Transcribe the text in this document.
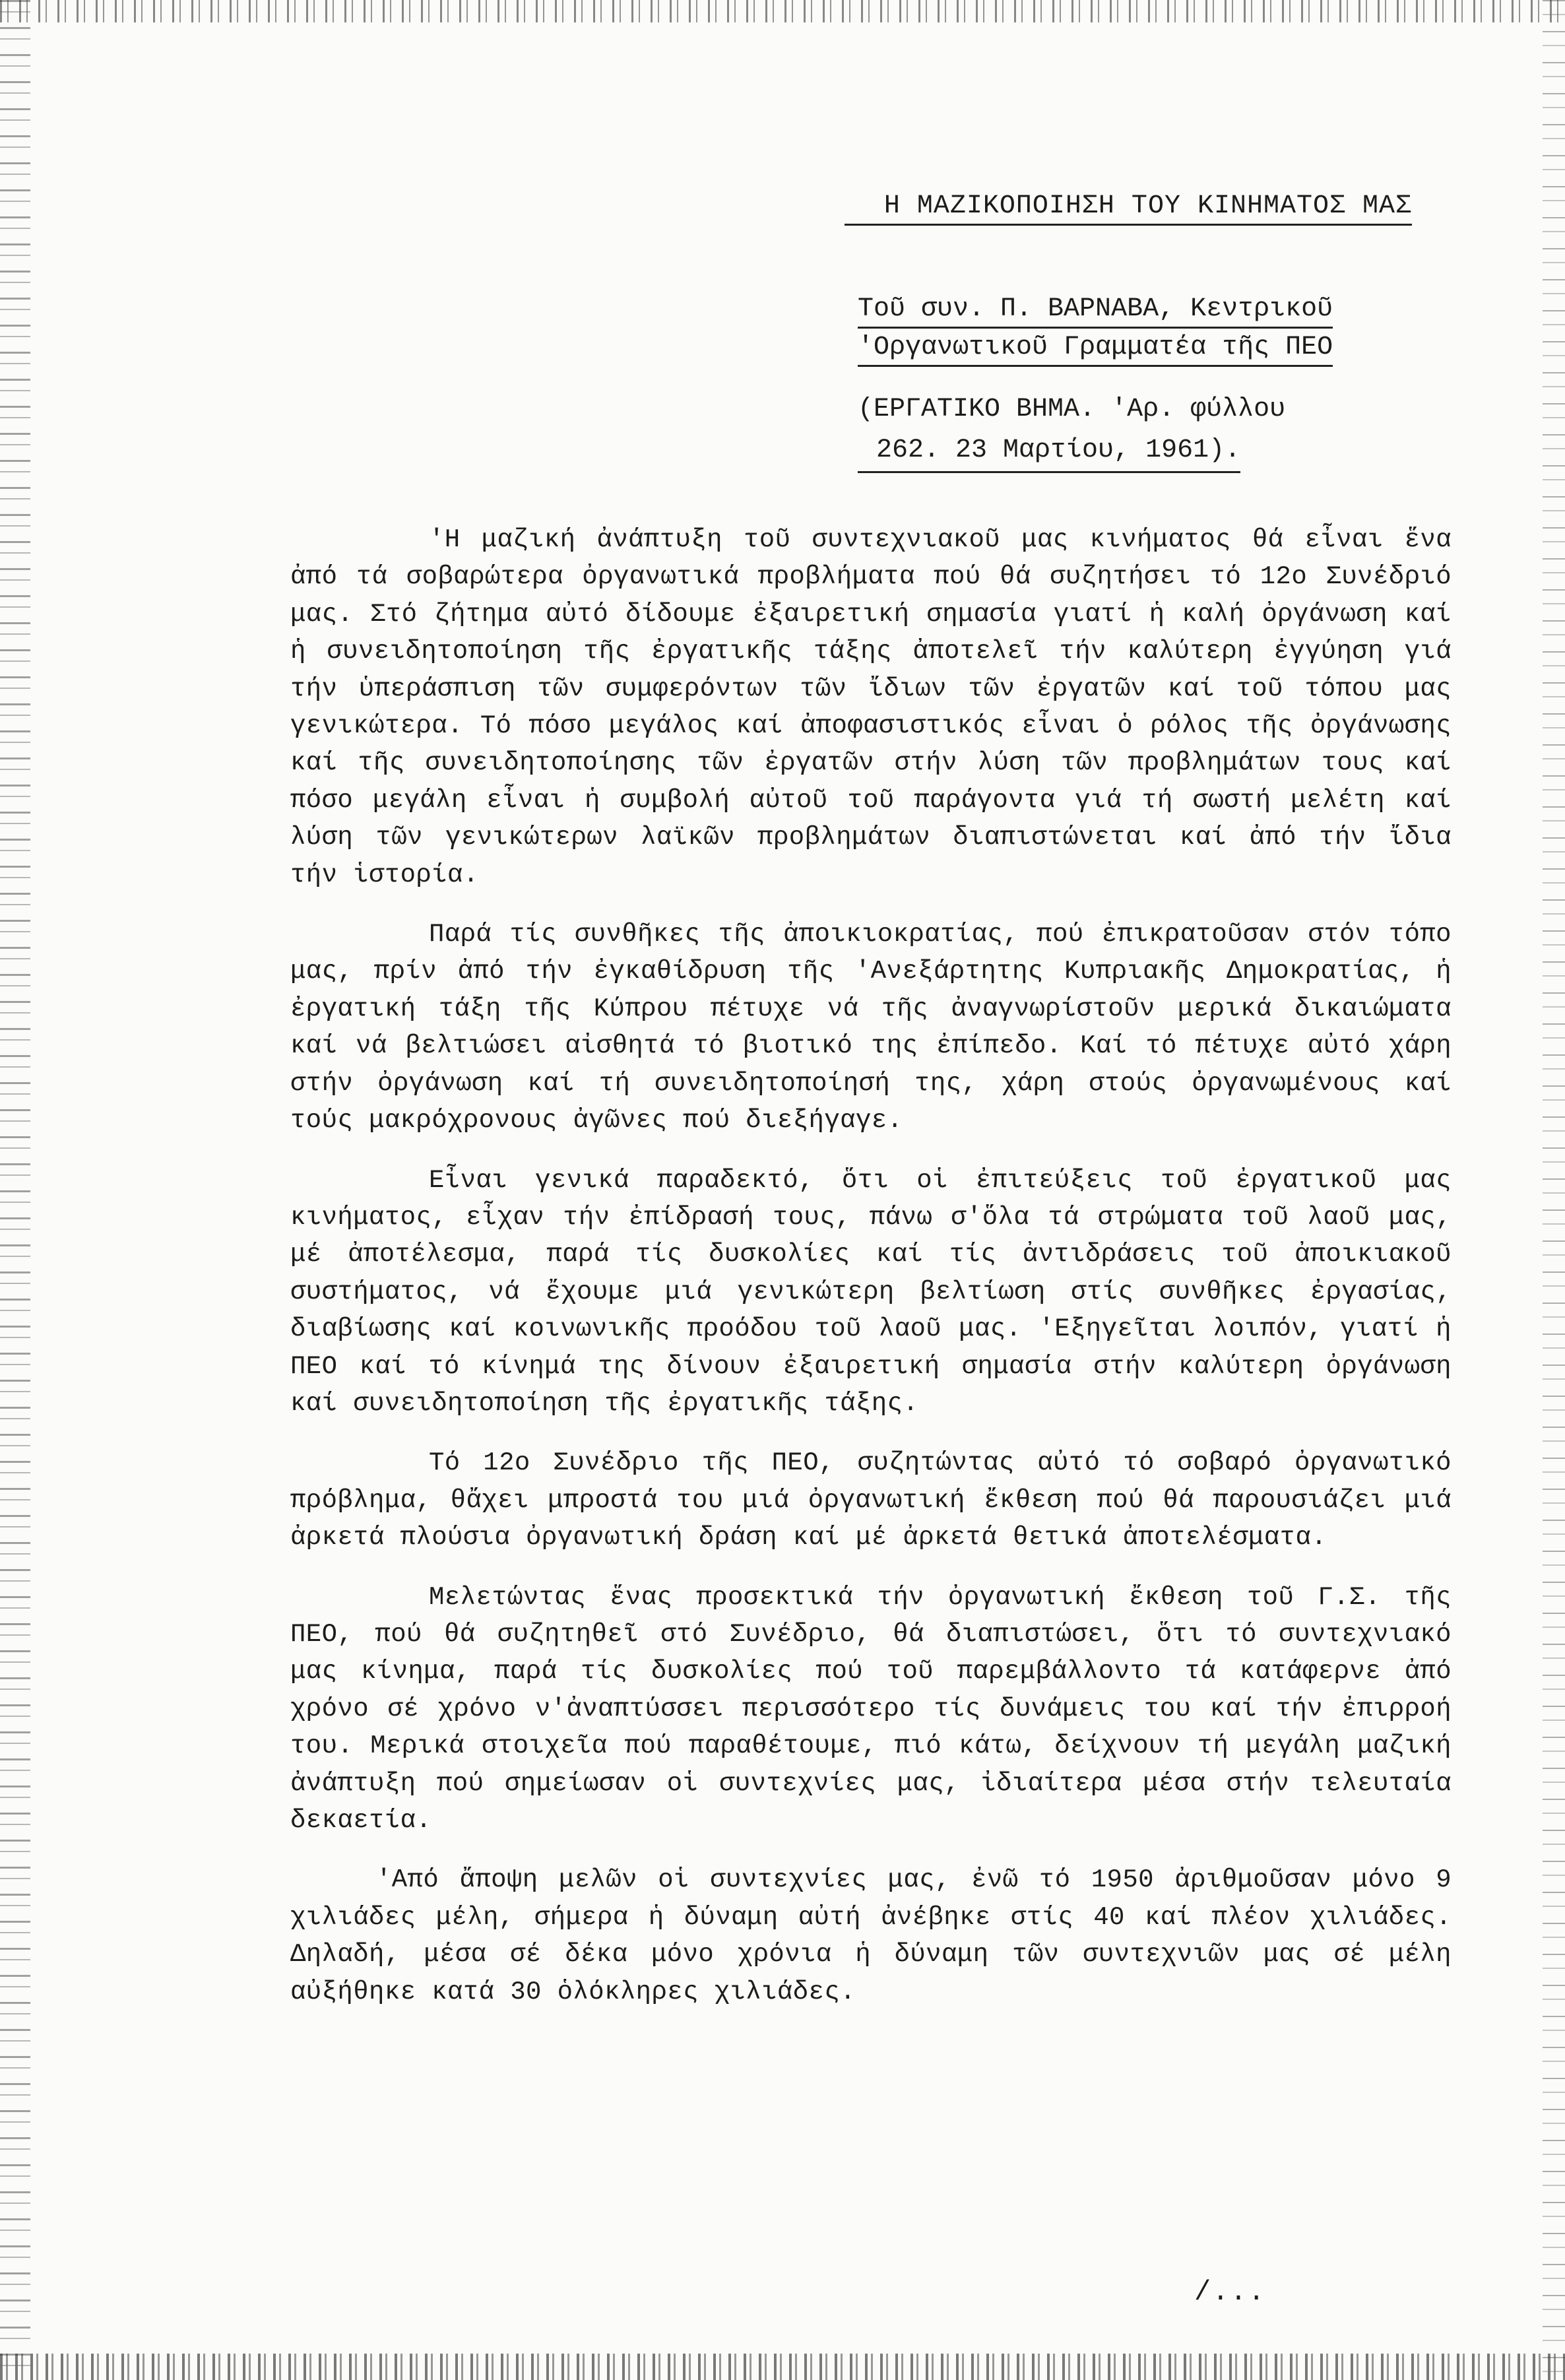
Η ΜΑΖΙΚΟΠΟΙΗΣΗ ΤΟΥ ΚΙΝΗΜΑΤΟΣ ΜΑΣ
Τοῦ συν. Π. ΒΑΡΝΑΒΑ, Κεντρικοῦ
'Οργανωτικοῦ Γραμματέα τῆς ΠΕΟ
(ΕΡΓΑΤΙΚΟ ΒΗΜΑ. 'Αρ. φύλλου
262. 23 Μαρτίου, 1961).

'Η μαζική ἀνάπτυξη τοῦ συντεχνιακοῦ μας κινήματος θά εἶναι ἕνα ἀπό τά σοβαρώτερα ὀργανωτικά προβλήματα πού θά συζητήσει τό 12ο Συνέδριό μας. Στό ζήτημα αὐτό δίδουμε ἐξαιρετική σημασία γιατί ἡ καλή ὀργάνωση καί ἡ συνειδητοποίηση τῆς ἐργατικῆς τάξης ἀποτελεῖ τήν καλύτερη ἐγγύηση γιά τήν ὑπεράσπιση τῶν συμφερόντων τῶν ἴδιων τῶν ἐργατῶν καί τοῦ τόπου μας γενικώτερα. Τό πόσο μεγάλος καί ἀποφασιστικός εἶναι ὁ ρόλος τῆς ὀργάνωσης καί τῆς συνειδητοποίησης τῶν ἐργατῶν στήν λύση τῶν προβλημάτων τους καί πόσο μεγάλη εἶναι ἡ συμβολή αὐτοῦ τοῦ παράγοντα γιά τή σωστή μελέτη καί λύση τῶν γενικώτερων λαϊκῶν προβλημάτων διαπιστώνεται καί ἀπό τήν ἴδια τήν ἱστορία.

Παρά τίς συνθῆκες τῆς ἀποικιοκρατίας, πού ἐπικρατοῦσαν στόν τόπο μας, πρίν ἀπό τήν ἐγκαθίδρυση τῆς 'Ανεξάρτητης Κυπριακῆς Δημοκρατίας, ἡ ἐργατική τάξη τῆς Κύπρου πέτυχε νά τῆς ἀναγνωρίστοῦν μερικά δικαιώματα καί νά βελτιώσει αἰσθητά τό βιοτικό της ἐπίπεδο. Καί τό πέτυχε αὐτό χάρη στήν ὀργάνωση καί τή συνειδητοποίησή της, χάρη στούς ὀργανωμένους καί τούς μακρόχρονους ἀγῶνες πού διεξήγαγε.

Εἶναι γενικά παραδεκτό, ὅτι οἱ ἐπιτεύξεις τοῦ ἐργατικοῦ μας κινήματος, εἶχαν τήν ἐπίδρασή τους, πάνω σ'ὅλα τά στρώματα τοῦ λαοῦ μας, μέ ἀποτέλεσμα, παρά τίς δυσκολίες καί τίς ἀντιδράσεις τοῦ ἀποικιακοῦ συστήματος, νά ἔχουμε μιά γενικώτερη βελτίωση στίς συνθῆκες ἐργασίας, διαβίωσης καί κοινωνικῆς προόδου τοῦ λαοῦ μας. 'Εξηγεῖται λοιπόν, γιατί ἡ ΠΕΟ καί τό κίνημά της δίνουν ἐξαιρετική σημασία στήν καλύτερη ὀργάνωση καί συνειδητοποίηση τῆς ἐργατικῆς τάξης.

Τό 12ο Συνέδριο τῆς ΠΕΟ, συζητώντας αὐτό τό σοβαρό ὀργανωτικό πρόβλημα, θἄχει μπροστά του μιά ὀργανωτική ἔκθεση πού θά παρουσιάζει μιά ἀρκετά πλούσια ὀργανωτική δράση καί μέ ἀρκετά θετικά ἀποτελέσματα.

Μελετώντας ἕνας προσεκτικά τήν ὀργανωτική ἔκθεση τοῦ Γ.Σ. τῆς ΠΕΟ, πού θά συζητηθεῖ στό Συνέδριο, θά διαπιστώσει, ὅτι τό συντεχνιακό μας κίνημα, παρά τίς δυσκολίες πού τοῦ παρεμβάλλοντο τά κατάφερνε ἀπό χρόνο σέ χρόνο ν'ἀναπτύσσει περισσότερο τίς δυνάμεις του καί τήν ἐπιρροή του. Μερικά στοιχεῖα πού παραθέτουμε, πιό κάτω, δείχνουν τή μεγάλη μαζική ἀνάπτυξη πού σημείωσαν οἱ συντεχνίες μας, ἰδιαίτερα μέσα στήν τελευταία δεκαετία.

'Από ἄποψη μελῶν οἱ συντεχνίες μας, ἐνῶ τό 1950 ἀριθμοῦσαν μόνο 9 χιλιάδες μέλη, σήμερα ἡ δύναμη αὐτή ἀνέβηκε στίς 40 καί πλέον χιλιάδες. Δηλαδή, μέσα σέ δέκα μόνο χρόνια ἡ δύναμη τῶν συντεχνιῶν μας σέ μέλη αὐξήθηκε κατά 30 ὁλόκληρες χιλιάδες.

/...
